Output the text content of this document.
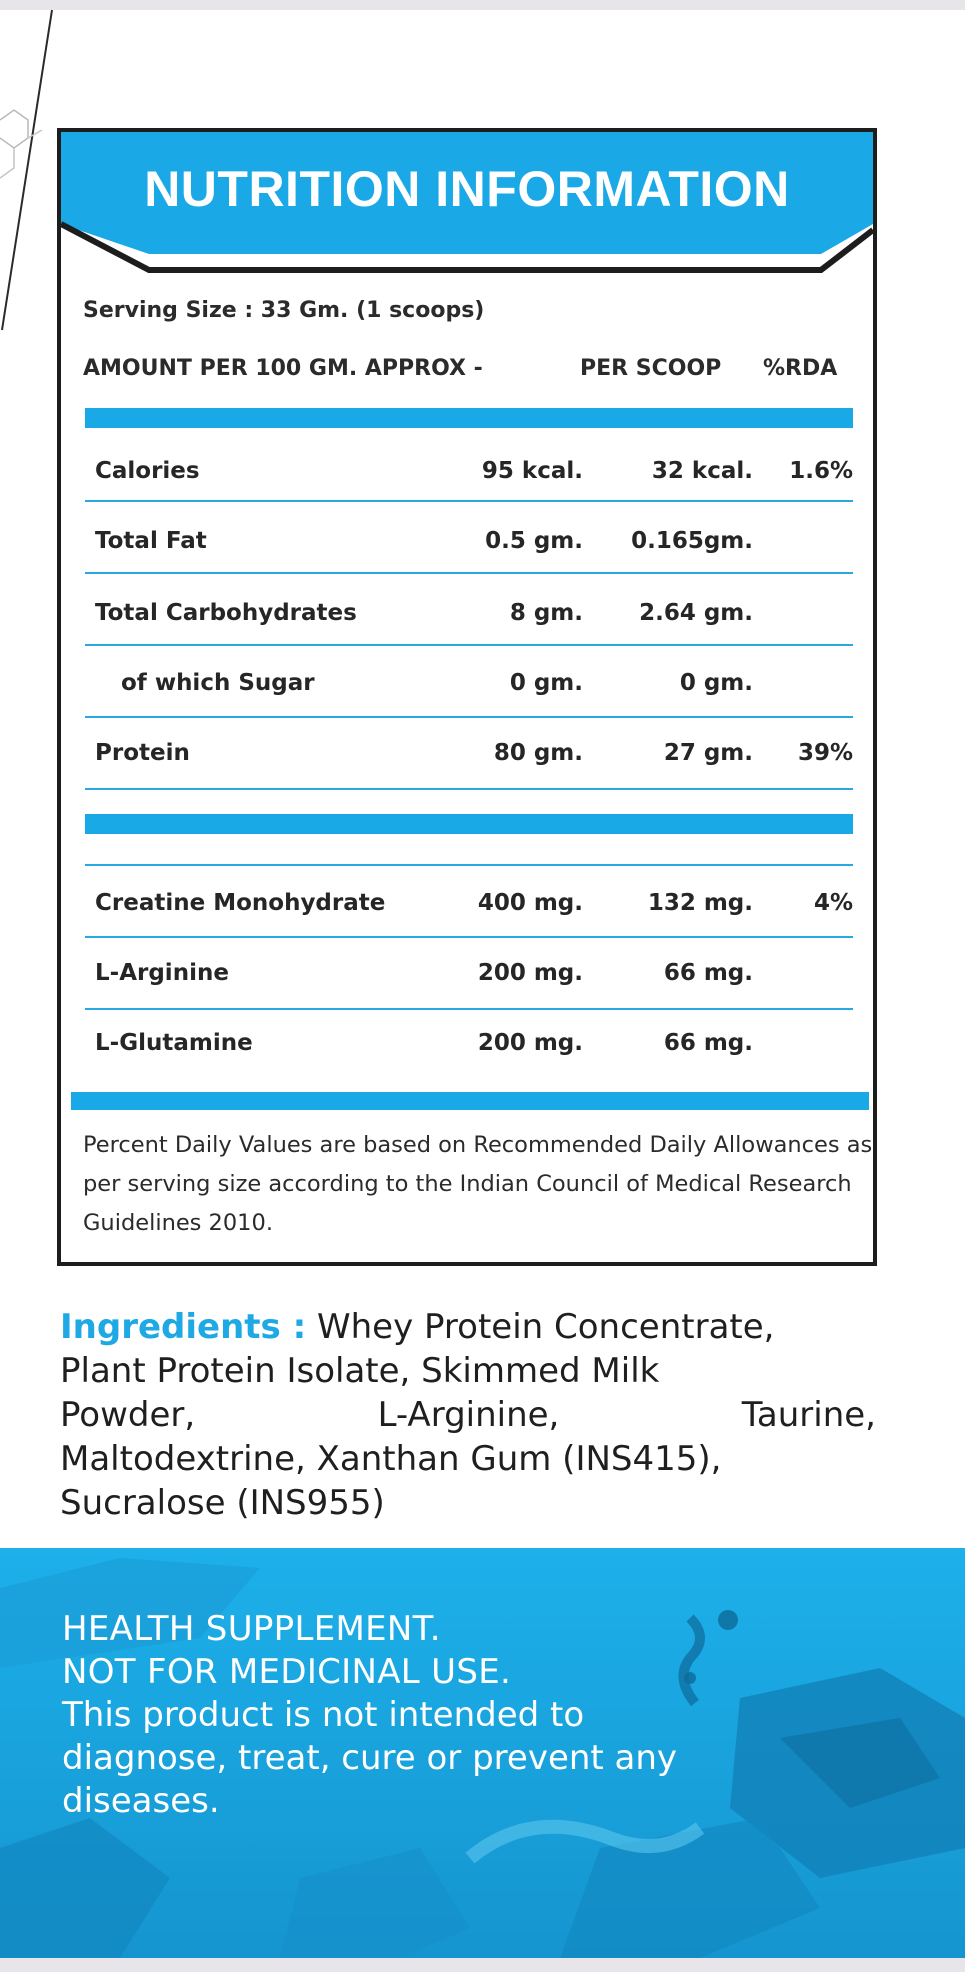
NUTRITION INFORMATION
Serving Size : 33 Gm. (1 scoops)
AMOUNT PER 100 GM. APPROX -	PER SCOOP %RDA
Calories	95 kcal.	32 kcal. 1.6%
Total Fat	0.5 gm. 0.165gm.
Total Carbohydrates	8 gm. 2.64 gm.
of which Sugar	0 gm.	0 gm.
Protein	80 gm.	27 gm. 39%
Creatine Monohydrate	400 mg.	132 mg.	4%
L-Arginine	200 mg.	66 mg.
L-Glutamine	200 mg.	66 mg.
Percent Daily Values are based on Recommended Daily Allowances as per serving size according to the Indian Council of Medical Research Guidelines 2010.
Ingredients : Whey Protein Concentrate,
Plant Protein Isolate, Skimmed Milk
Powder,	L-Arginine,	Taurine,
Maltodextrine, Xanthan Gum (INS415),
Sucralose (INS955)
HEALTH SUPPLEMENT.
NOT FOR MEDICINAL USE.
This product is not intended to
diagnose, treat, cure or prevent any
diseases.
